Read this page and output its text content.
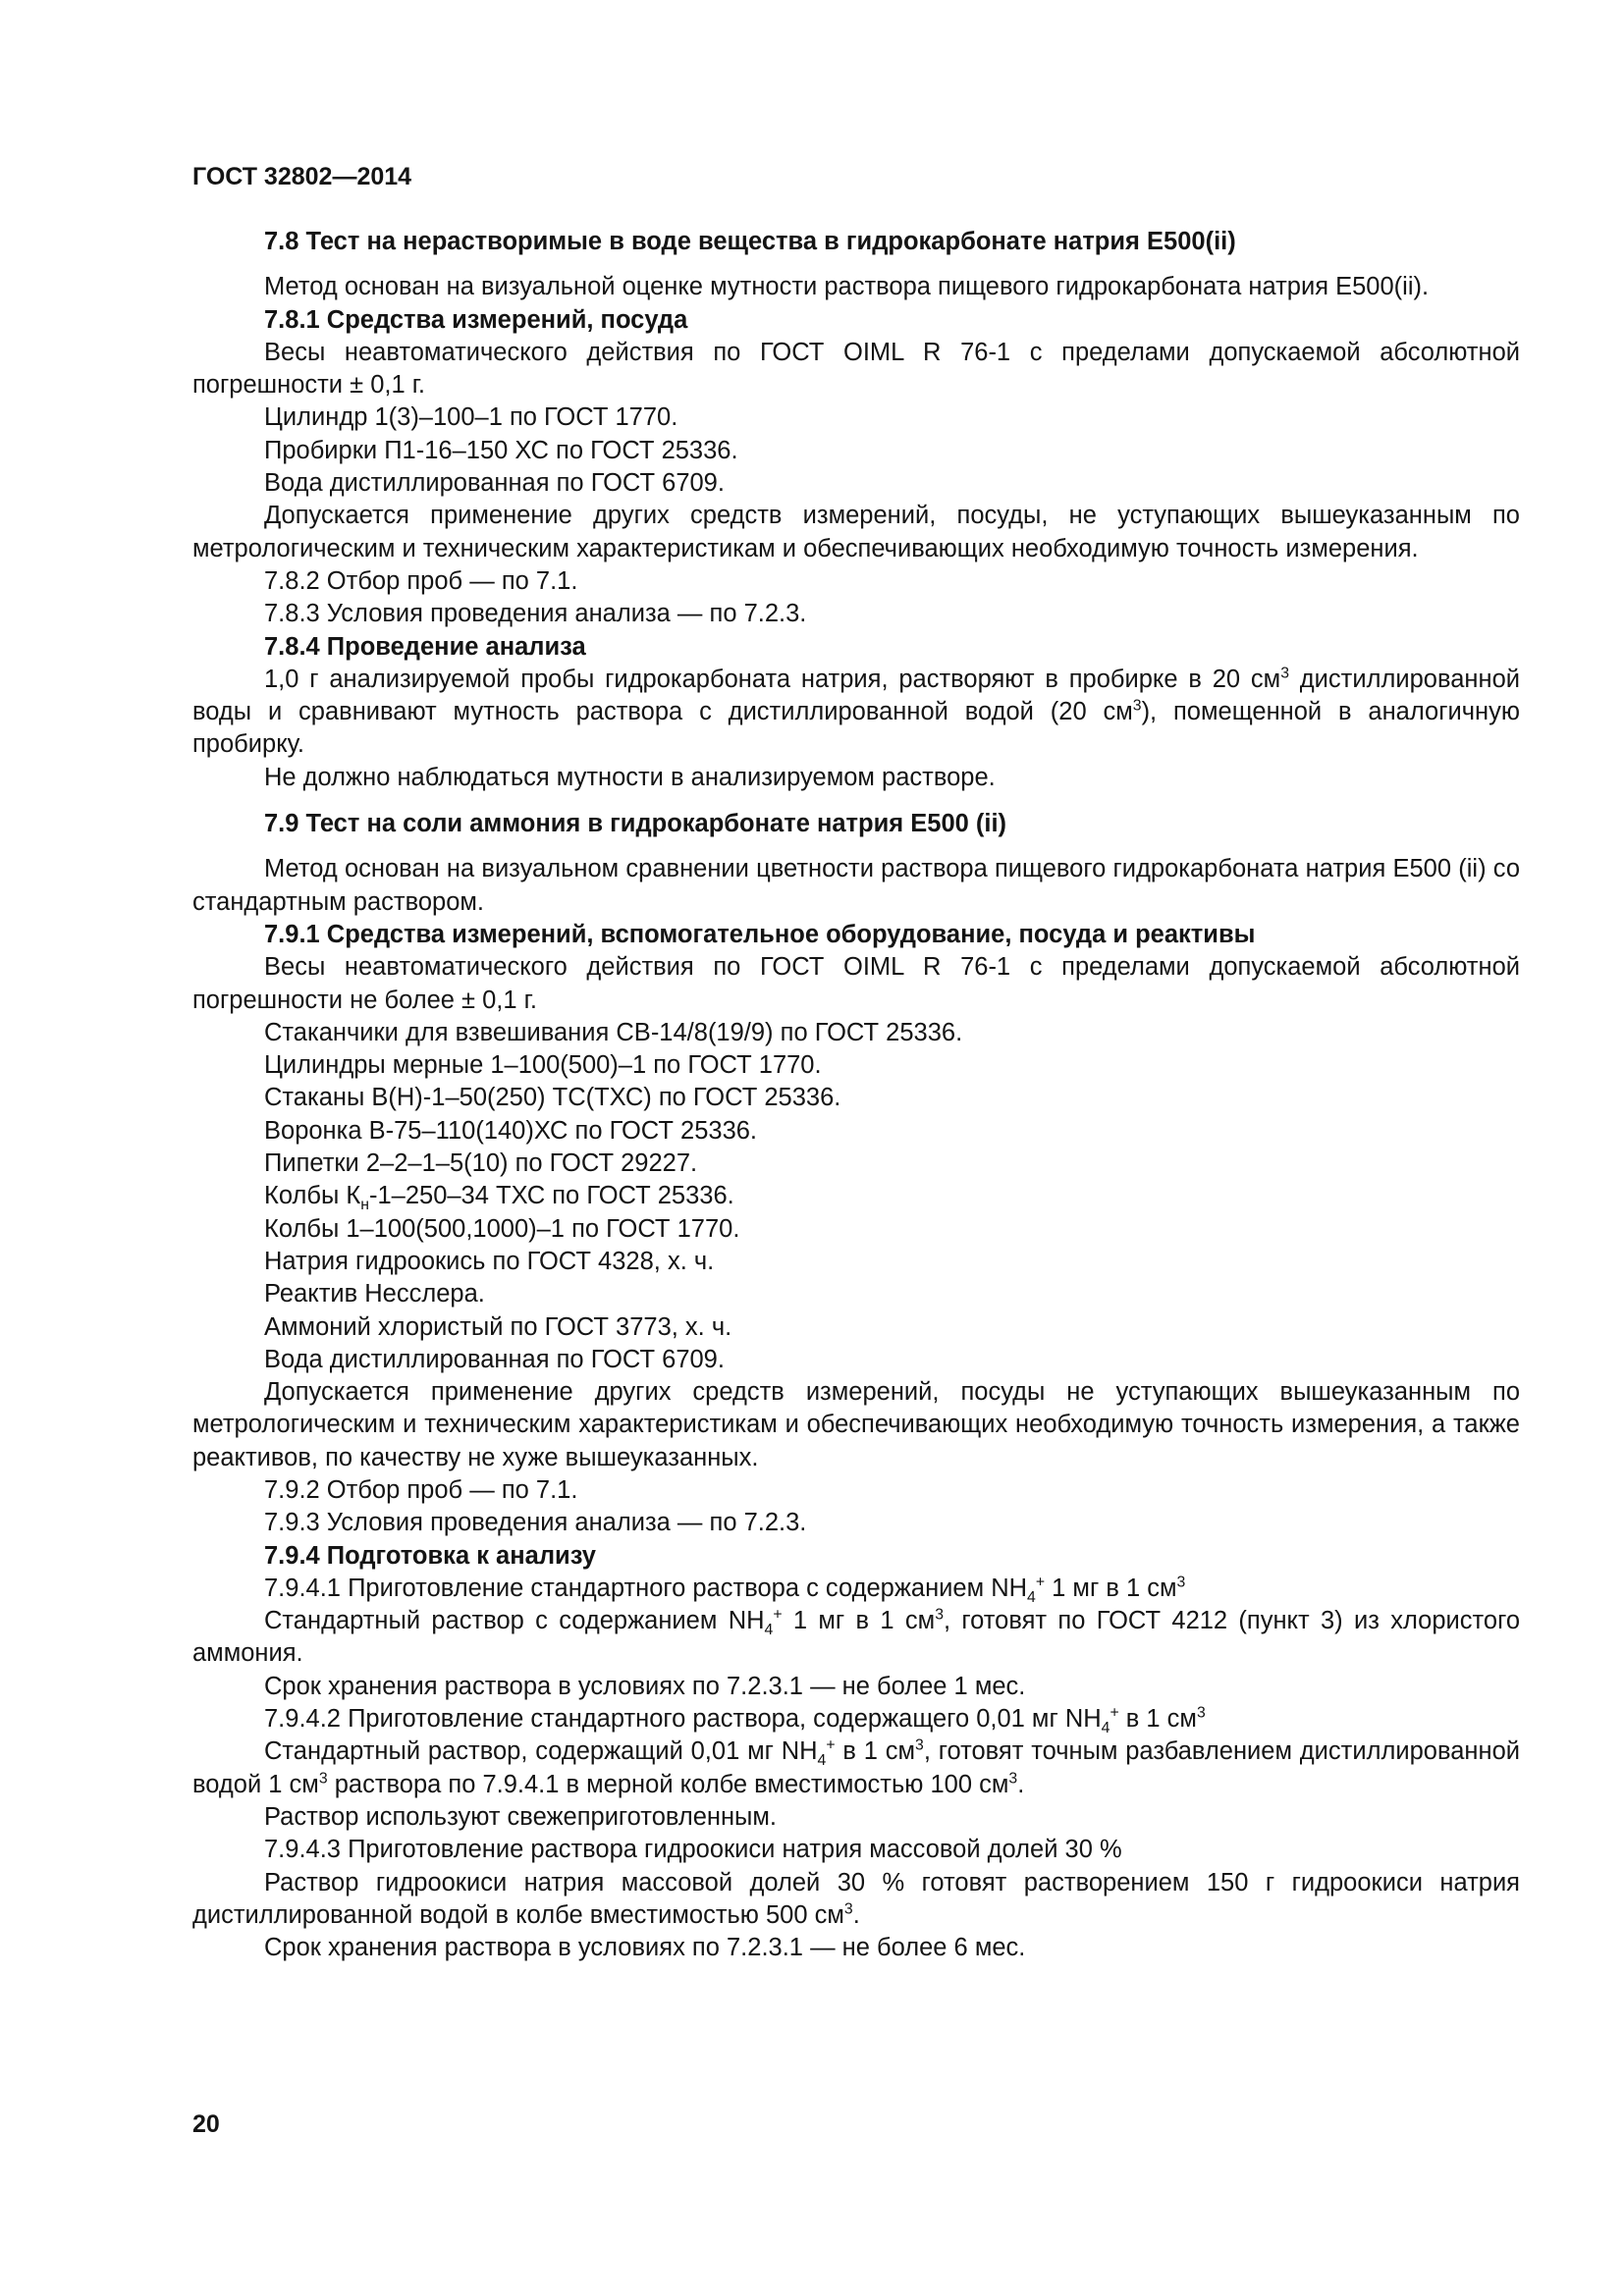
ГОСТ 32802—2014

7.8 Тест на нерастворимые в воде вещества в гидрокарбонате натрия Е500(ii)

Метод основан на визуальной оценке мутности раствора пищевого гидрокарбоната натрия Е500(ii).

7.8.1 Средства измерений, посуда

Весы неавтоматического действия по ГОСТ OIML R 76-1 с пределами допускаемой абсолютной погрешности ± 0,1 г.

Цилиндр 1(3)–100–1 по ГОСТ 1770.

Пробирки П1-16–150 ХС по ГОСТ 25336.

Вода дистиллированная по ГОСТ 6709.

Допускается применение других средств измерений, посуды, не уступающих вышеуказанным по метрологическим и техническим характеристикам и обеспечивающих необходимую точность измерения.

7.8.2 Отбор проб — по 7.1.

7.8.3 Условия проведения анализа — по 7.2.3.

7.8.4 Проведение анализа

1,0 г анализируемой пробы гидрокарбоната натрия, растворяют в пробирке в 20 $см^3$ дистиллированной воды и сравнивают мутность раствора с дистиллированной водой (20 $см^3$), помещенной в аналогичную пробирку.

Не должно наблюдаться мутности в анализируемом растворе.

7.9 Тест на соли аммония в гидрокарбонате натрия Е500 (ii)

Метод основан на визуальном сравнении цветности раствора пищевого гидрокарбоната натрия Е500 (ii) со стандартным раствором.

7.9.1 Средства измерений, вспомогательное оборудование, посуда и реактивы

Весы неавтоматического действия по ГОСТ OIML R 76-1 с пределами допускаемой абсолютной погрешности не более ± 0,1 г.

Стаканчики для взвешивания СВ-14/8(19/9) по ГОСТ 25336.

Цилиндры мерные 1–100(500)–1 по ГОСТ 1770.

Стаканы В(Н)-1–50(250) ТС(ТХС) по ГОСТ 25336.

Воронка В-75–110(140)ХС по ГОСТ 25336.

Пипетки 2–2–1–5(10) по ГОСТ 29227.

Колбы $К_н-1-250-34$ ТХС по ГОСТ 25336.

Колбы 1–100(500,1000)–1 по ГОСТ 1770.

Натрия гидроокись по ГОСТ 4328, х. ч.

Реактив Несслера.

Аммоний хлористый по ГОСТ 3773, х. ч.

Вода дистиллированная по ГОСТ 6709.

Допускается применение других средств измерений, посуды не уступающих вышеуказанным по метрологическим и техническим характеристикам и обеспечивающих необходимую точность измерения, а также реактивов, по качеству не хуже вышеуказанных.

7.9.2 Отбор проб — по 7.1.

7.9.3 Условия проведения анализа — по 7.2.3.

7.9.4 Подготовка к анализу

7.9.4.1 Приготовление стандартного раствора с содержанием $NH_4^+$ 1 мг в 1 $см^3$

Стандартный раствор с содержанием $NH_4^+$ 1 мг в 1 $см^3$, готовят по ГОСТ 4212 (пункт 3) из хлористого аммония.

Срок хранения раствора в условиях по 7.2.3.1 — не более 1 мес.

7.9.4.2 Приготовление стандартного раствора, содержащего 0,01 мг $NH_4^+$ в 1 $см^3$

Стандартный раствор, содержащий 0,01 мг $NH_4^+$ в 1 $см^3$, готовят точным разбавлением дистиллированной водой 1 $см^3$ раствора по 7.9.4.1 в мерной колбе вместимостью 100 $см^3$.

Раствор используют свежеприготовленным.

7.9.4.3 Приготовление раствора гидроокиси натрия массовой долей 30 %

Раствор гидроокиси натрия массовой долей 30 % готовят растворением 150 г гидроокиси натрия дистиллированной водой в колбе вместимостью 500 $см^3$.

Срок хранения раствора в условиях по 7.2.3.1 — не более 6 мес.

20
